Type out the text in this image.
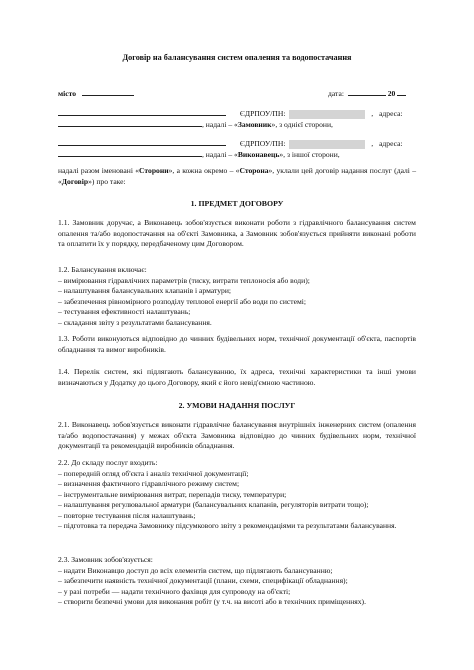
Договір на балансування систем опалення та водопостачання
місто	дата:	20
ЄДРПОУ/ПН:	, адреса:
, надалі – «Замовник», з однієї сторони,
ЄДРПОУ/ПН:	, адреса:
, надалі – «Виконавець», з іншої сторони,
надалі разом іменовані «Сторони», а кожна окремо – «Сторона», уклали цей договір надання послуг (далі – «Договір») про таке:
1. ПРЕДМЕТ ДОГОВОРУ
1.1. Замовник доручає, а Виконавець зобов'язується виконати роботи з гідравлічного балансування систем опалення та/або водопостачання на об'єкті Замовника, а Замовник зобов'язується прийняти виконані роботи та оплатити їх у порядку, передбаченому цим Договором.
1.2. Балансування включає:
– вимірювання гідравлічних параметрів (тиску, витрати теплоносія або води);
– налаштування балансувальних клапанів і арматури;
– забезпечення рівномірного розподілу теплової енергії або води по системі;
– тестування ефективності налаштувань;
– складання звіту з результатами балансування.
1.3. Роботи виконуються відповідно до чинних будівельних норм, технічної документації об'єкта, паспортів обладнання та вимог виробників.
1.4. Перелік систем, які підлягають балансуванню, їх адреса, технічні характеристики та інші умови визначаються у Додатку до цього Договору, який є його невід'ємною частиною.
2. УМОВИ НАДАННЯ ПОСЛУГ
2.1. Виконавець зобов'язується виконати гідравлічне балансування внутрішніх інженерних систем (опалення та/або водопостачання) у межах об'єкта Замовника відповідно до чинних будівельних норм, технічної документації та рекомендацій виробників обладнання.
2.2. До складу послуг входить:
– попередній огляд об'єкта і аналіз технічної документації;
– визначення фактичного гідравлічного режиму систем;
– інструментальне вимірювання витрат, перепадів тиску, температури;
– налаштування регулювальної арматури (балансувальних клапанів, регуляторів витрати тощо);
– повторне тестування після налаштувань;
– підготовка та передача Замовнику підсумкового звіту з рекомендаціями та результатами балансування.
2.3. Замовник зобов'язується:
– надати Виконавцю доступ до всіх елементів систем, що підлягають балансуванню;
– забезпечити наявність технічної документації (плани, схеми, специфікації обладнання);
– у разі потреби — надати технічного фахівця для супроводу на об'єкті;
– створити безпечні умови для виконання робіт (у т.ч. на висоті або в технічних приміщеннях).
